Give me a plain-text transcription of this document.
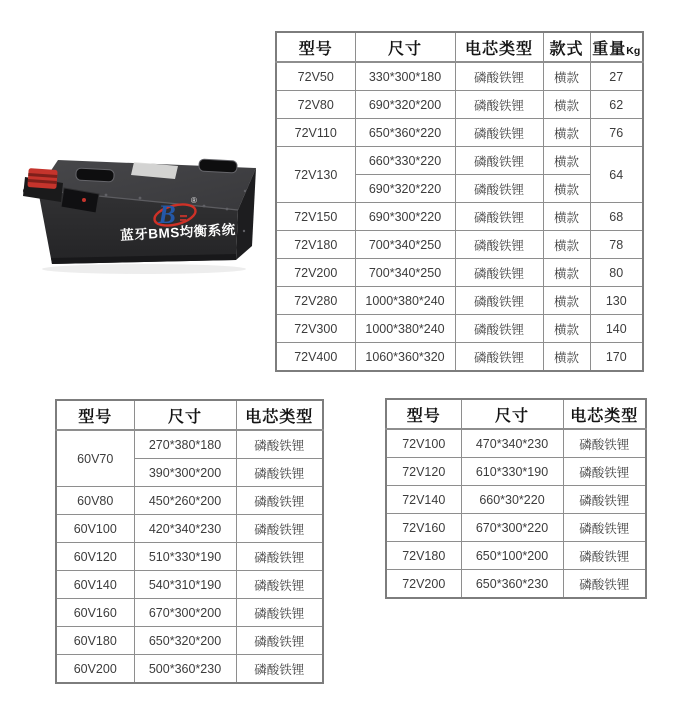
B ®
蓝牙BMS均衡系统
型号	尺寸	电芯类型	款式	重量Kg
72V50	330*300*180	磷酸铁锂	横款	27
72V80	690*320*200	磷酸铁锂	横款	62
72V110	650*360*220	磷酸铁锂	横款	76
72V130	660*330*220	磷酸铁锂	横款	64
	690*320*220	磷酸铁锂	横款	
72V150	690*300*220	磷酸铁锂	横款	68
72V180	700*340*250	磷酸铁锂	横款	78
72V200	700*340*250	磷酸铁锂	横款	80
72V280	1000*380*240	磷酸铁锂	横款	130
72V300	1000*380*240	磷酸铁锂	横款	140
72V400	1060*360*320	磷酸铁锂	横款	170
型号	尺寸	电芯类型
60V70	270*380*180	磷酸铁锂
	390*300*200	磷酸铁锂
60V80	450*260*200	磷酸铁锂
60V100	420*340*230	磷酸铁锂
60V120	510*330*190	磷酸铁锂
60V140	540*310*190	磷酸铁锂
60V160	670*300*200	磷酸铁锂
60V180	650*320*200	磷酸铁锂
60V200	500*360*230	磷酸铁锂
型号	尺寸	电芯类型
72V100	470*340*230	磷酸铁锂
72V120	610*330*190	磷酸铁锂
72V140	660*30*220	磷酸铁锂
72V160	670*300*220	磷酸铁锂
72V180	650*100*200	磷酸铁锂
72V200	650*360*230	磷酸铁锂
